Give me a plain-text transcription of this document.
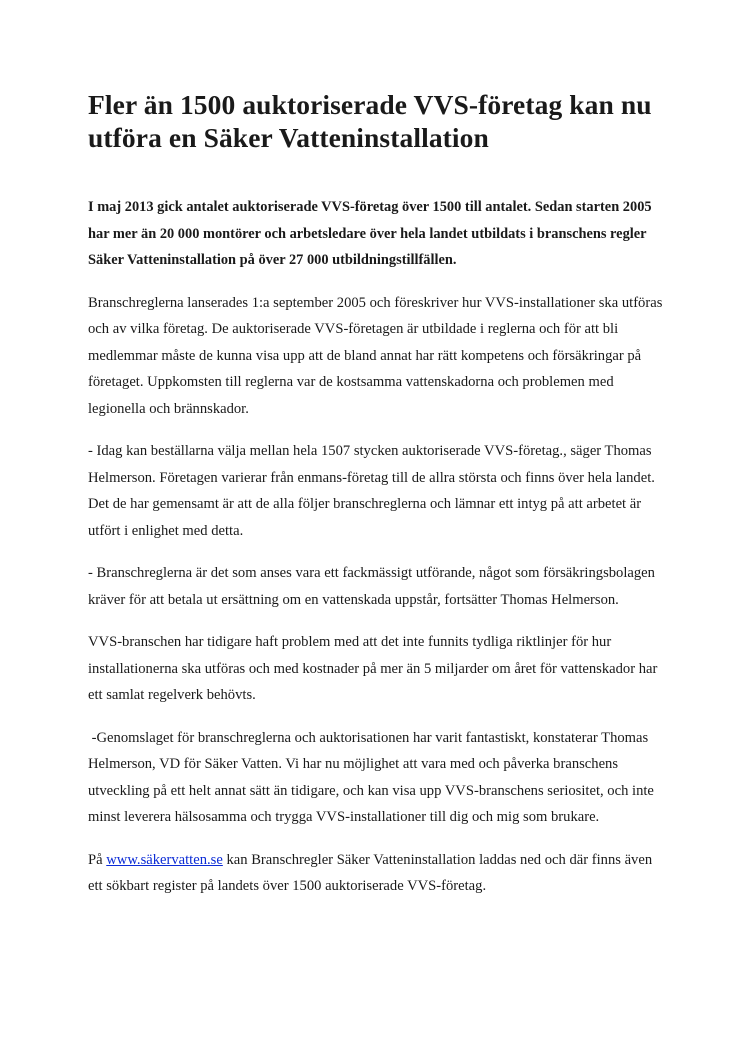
Fler än 1500 auktoriserade VVS-företag kan nu utföra en Säker Vatteninstallation

I maj 2013 gick antalet auktoriserade VVS-företag över 1500 till antalet. Sedan starten 2005 har mer än 20 000 montörer och arbetsledare över hela landet utbildats i branschens regler Säker Vatteninstallation på över 27 000 utbildningstillfällen.

Branschreglerna lanserades 1:a september 2005 och föreskriver hur VVS-installationer ska utföras och av vilka företag. De auktoriserade VVS-företagen är utbildade i reglerna och för att bli medlemmar måste de kunna visa upp att de bland annat har rätt kompetens och försäkringar på företaget. Uppkomsten till reglerna var de kostsamma vattenskadorna och problemen med legionella och brännskador.

- Idag kan beställarna välja mellan hela 1507 stycken auktoriserade VVS-företag., säger Thomas Helmerson. Företagen varierar från enmans-företag till de allra största och finns över hela landet. Det de har gemensamt är att de alla följer branschreglerna och lämnar ett intyg på att arbetet är utfört i enlighet med detta.

- Branschreglerna är det som anses vara ett fackmässigt utförande, något som försäkringsbolagen kräver för att betala ut ersättning om en vattenskada uppstår, fortsätter Thomas Helmerson.

VVS-branschen har tidigare haft problem med att det inte funnits tydliga riktlinjer för hur installationerna ska utföras och med kostnader på mer än 5 miljarder om året för vattenskador har ett samlat regelverk behövts.

-Genomslaget för branschreglerna och auktorisationen har varit fantastiskt, konstaterar Thomas Helmerson, VD för Säker Vatten. Vi har nu möjlighet att vara med och påverka branschens utveckling på ett helt annat sätt än tidigare, och kan visa upp VVS-branschens seriositet, och inte minst leverera hälsosamma och trygga VVS-installationer till dig och mig som brukare.

På www.säkervatten.se kan Branschregler Säker Vatteninstallation laddas ned och där finns även ett sökbart register på landets över 1500 auktoriserade VVS-företag.
